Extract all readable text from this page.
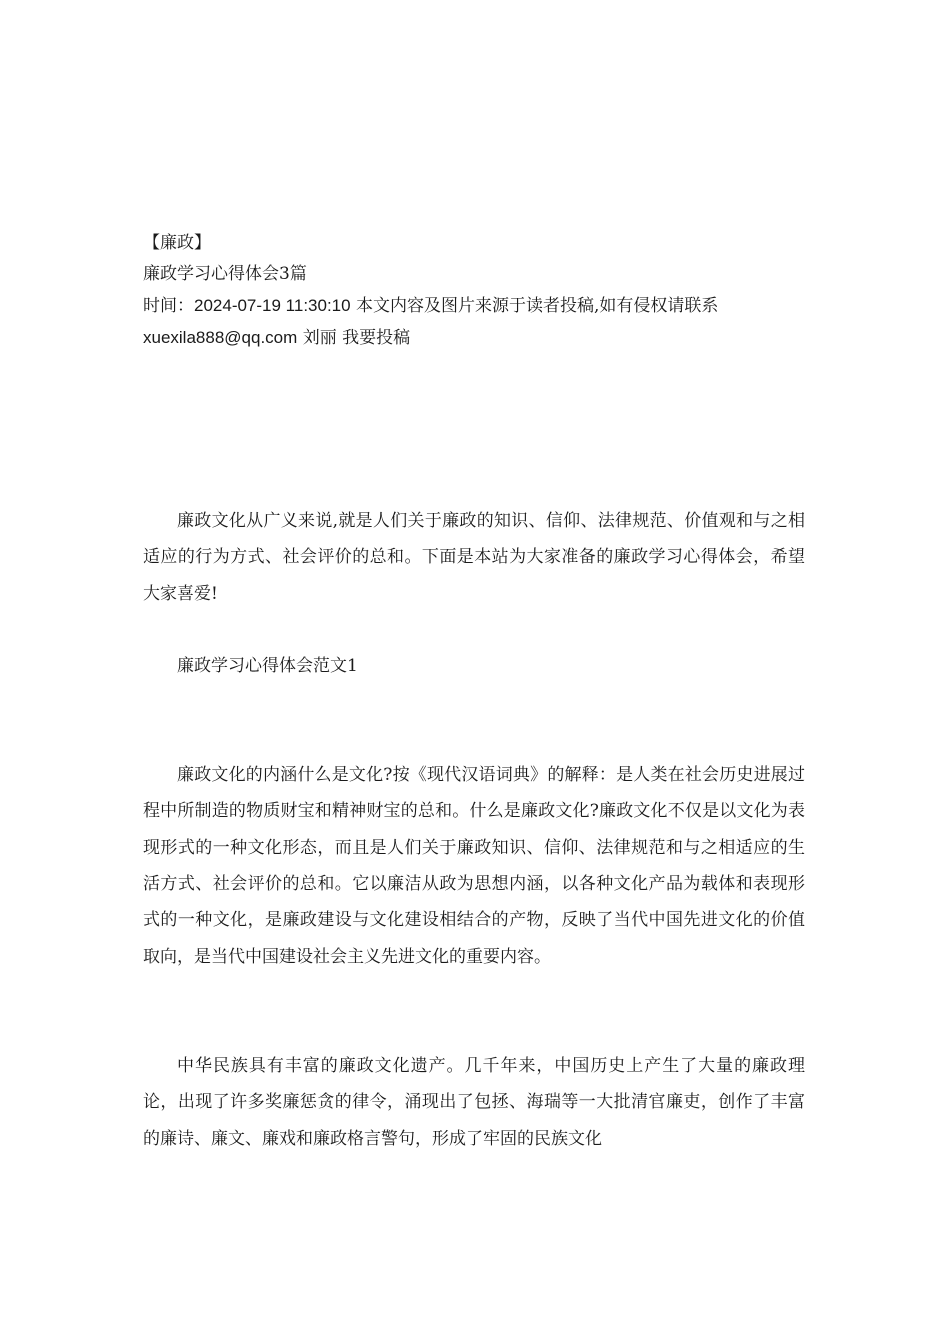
【廉政】
廉政学习心得体会3篇
时间：2024-07-19 11:30:10 本文内容及图片来源于读者投稿,如有侵权请联系
xuexila888@qq.com 刘丽 我要投稿

廉政文化从广义来说,就是人们关于廉政的知识、信仰、法律规范、价值观和与之相适应的行为方式、社会评价的总和。下面是本站为大家准备的廉政学习心得体会，希望大家喜爱!

廉政学习心得体会范文1

廉政文化的内涵什么是文化?按《现代汉语词典》的解释：是人类在社会历史进展过程中所制造的物质财宝和精神财宝的总和。什么是廉政文化?廉政文化不仅是以文化为表现形式的一种文化形态，而且是人们关于廉政知识、信仰、法律规范和与之相适应的生活方式、社会评价的总和。它以廉洁从政为思想内涵，以各种文化产品为载体和表现形式的一种文化，是廉政建设与文化建设相结合的产物，反映了当代中国先进文化的价值取向，是当代中国建设社会主义先进文化的重要内容。

中华民族具有丰富的廉政文化遗产。几千年来，中国历史上产生了大量的廉政理论，出现了许多奖廉惩贪的律令，涌现出了包拯、海瑞等一大批清官廉吏，创作了丰富的廉诗、廉文、廉戏和廉政格言警句，形成了牢固的民族文化
